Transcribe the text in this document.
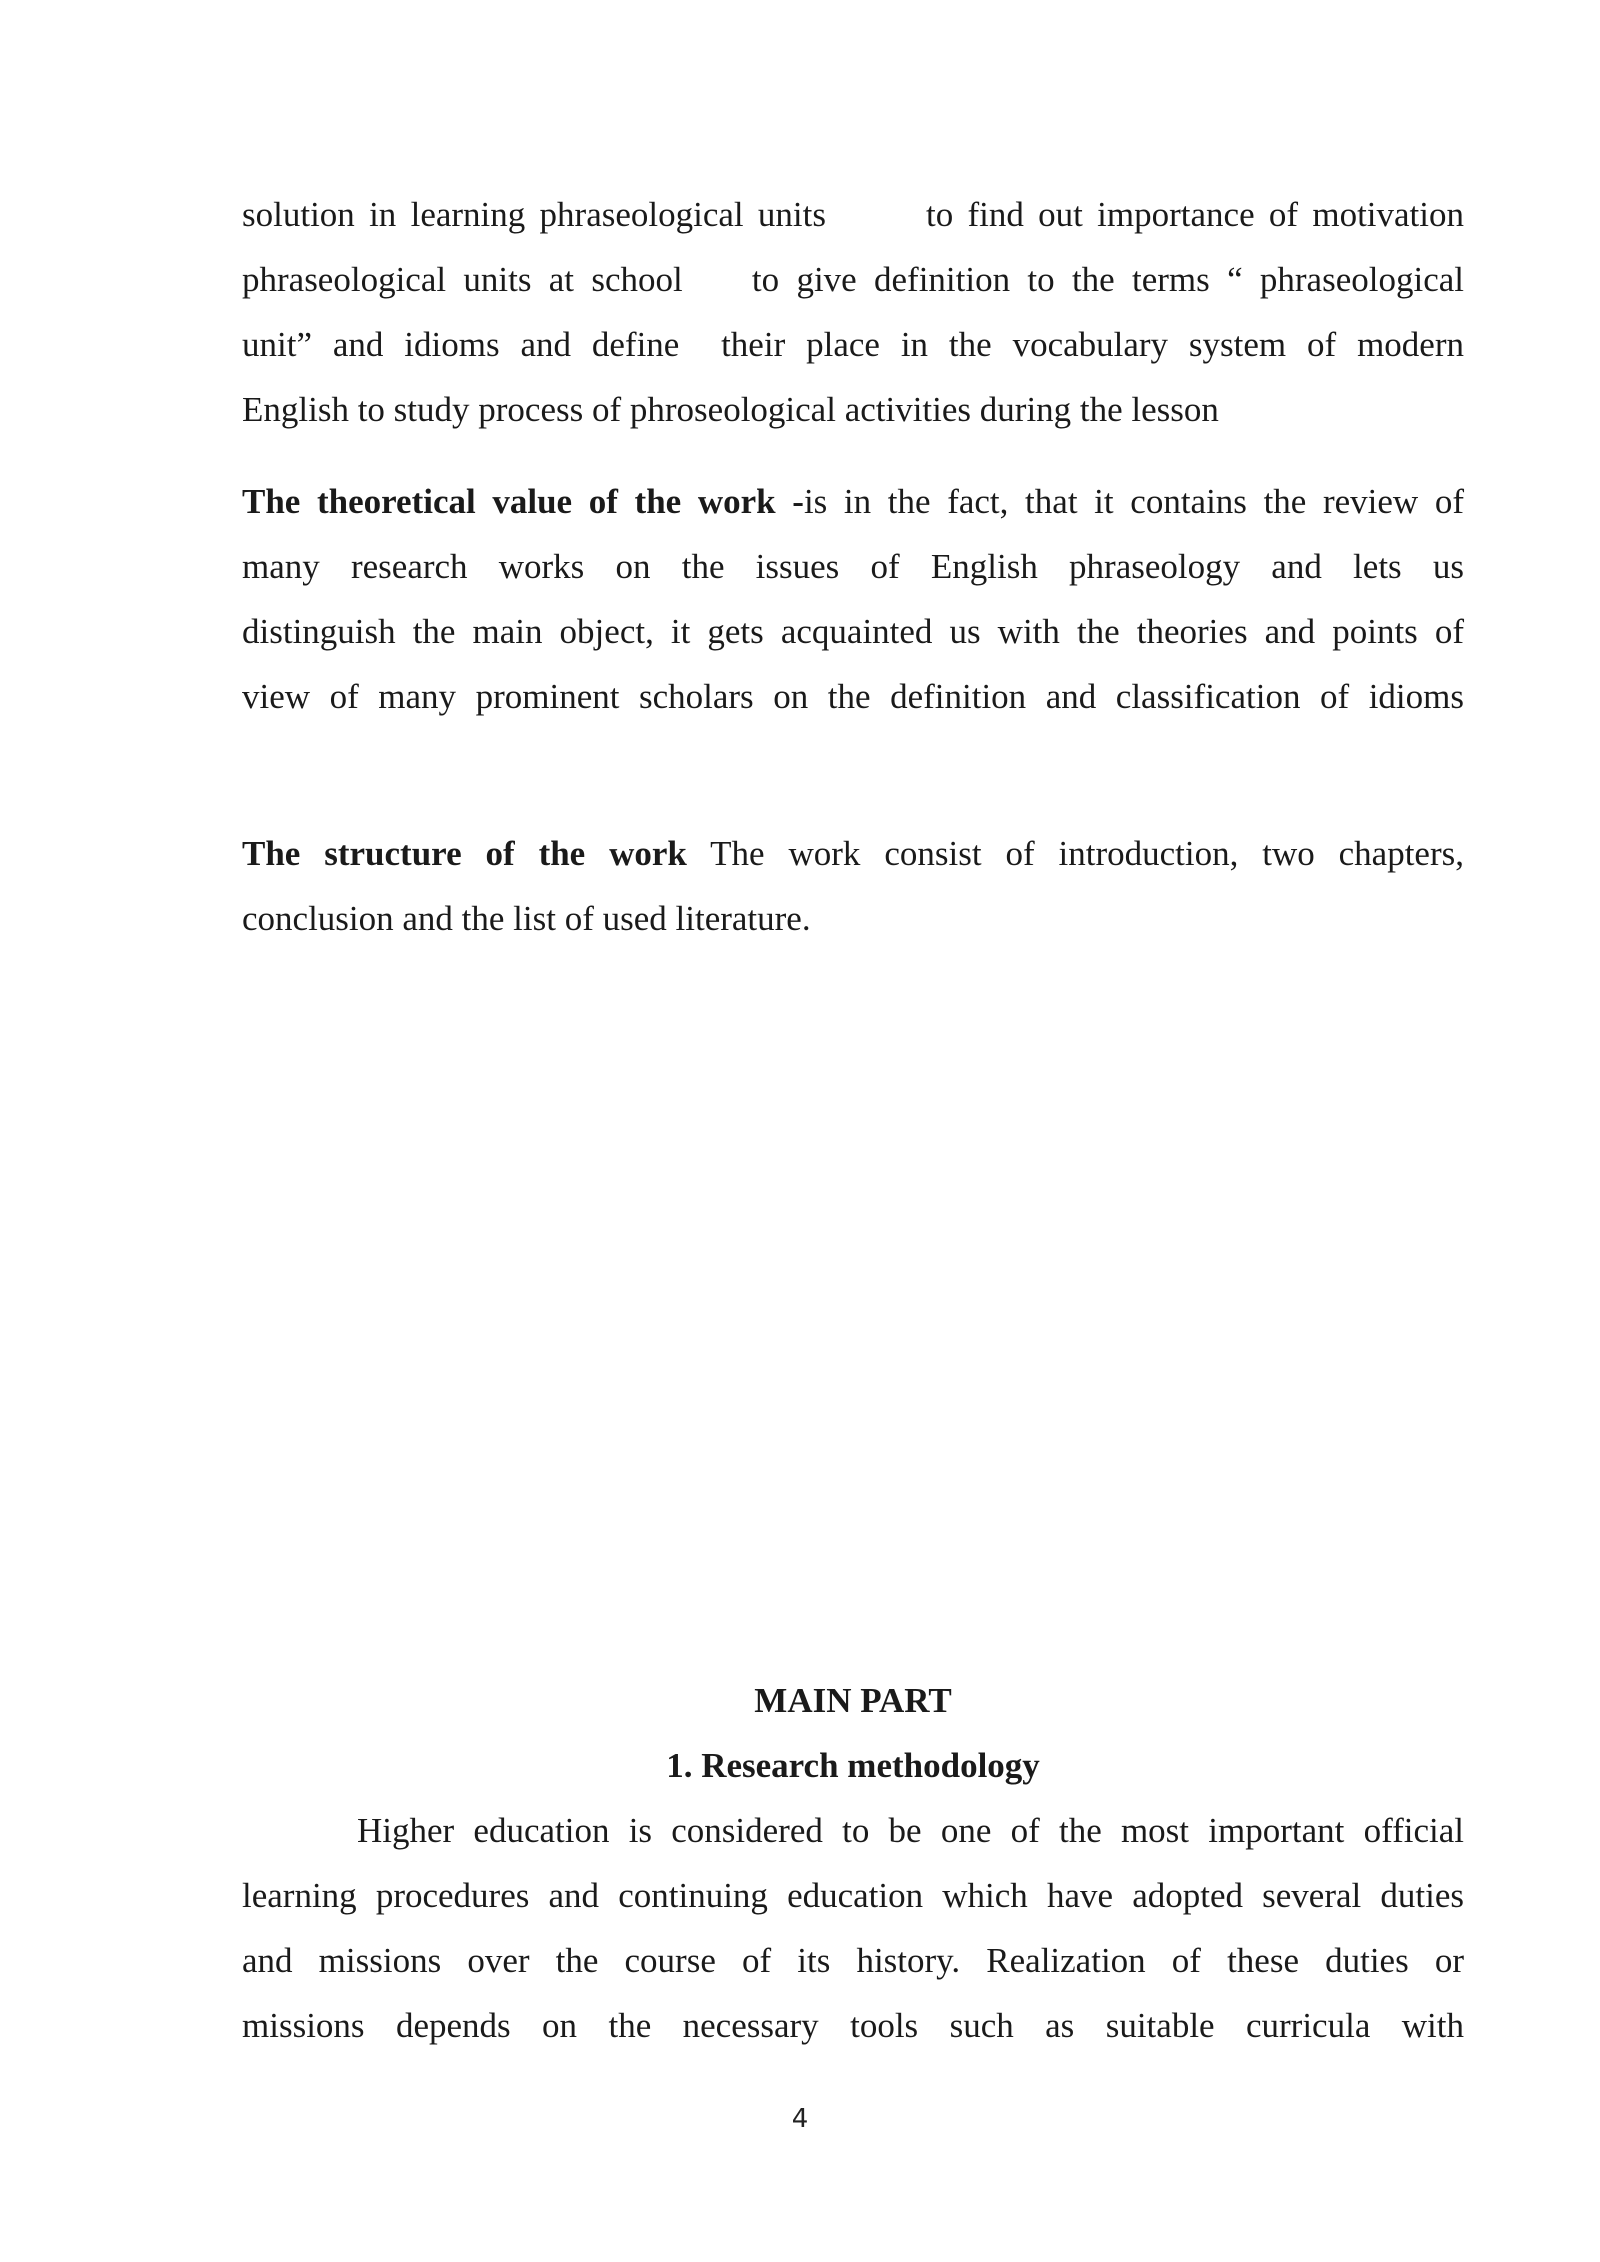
solution in learning phraseological units       to find out importance of motivation
phraseological units at school    to give definition to the terms “ phraseological
unit” and idioms and define  their place in the vocabulary system of modern
English to study process of phroseological activities during the lesson
The theoretical value of the work -is in the fact, that it contains the review of
many research works on the issues of English phraseology and lets us
distinguish the main object, it gets acquainted us with the theories and points of
view of many prominent scholars on the definition and classification of idioms
The structure of the work The work consist of introduction, two chapters,
conclusion and the list of used literature.
MAIN PART
1. Research methodology
Higher education is considered to be one of the most important official
learning procedures and continuing education which have adopted several duties
and missions over the course of its history. Realization of these duties or
missions depends on the necessary tools such as suitable curricula with
4
